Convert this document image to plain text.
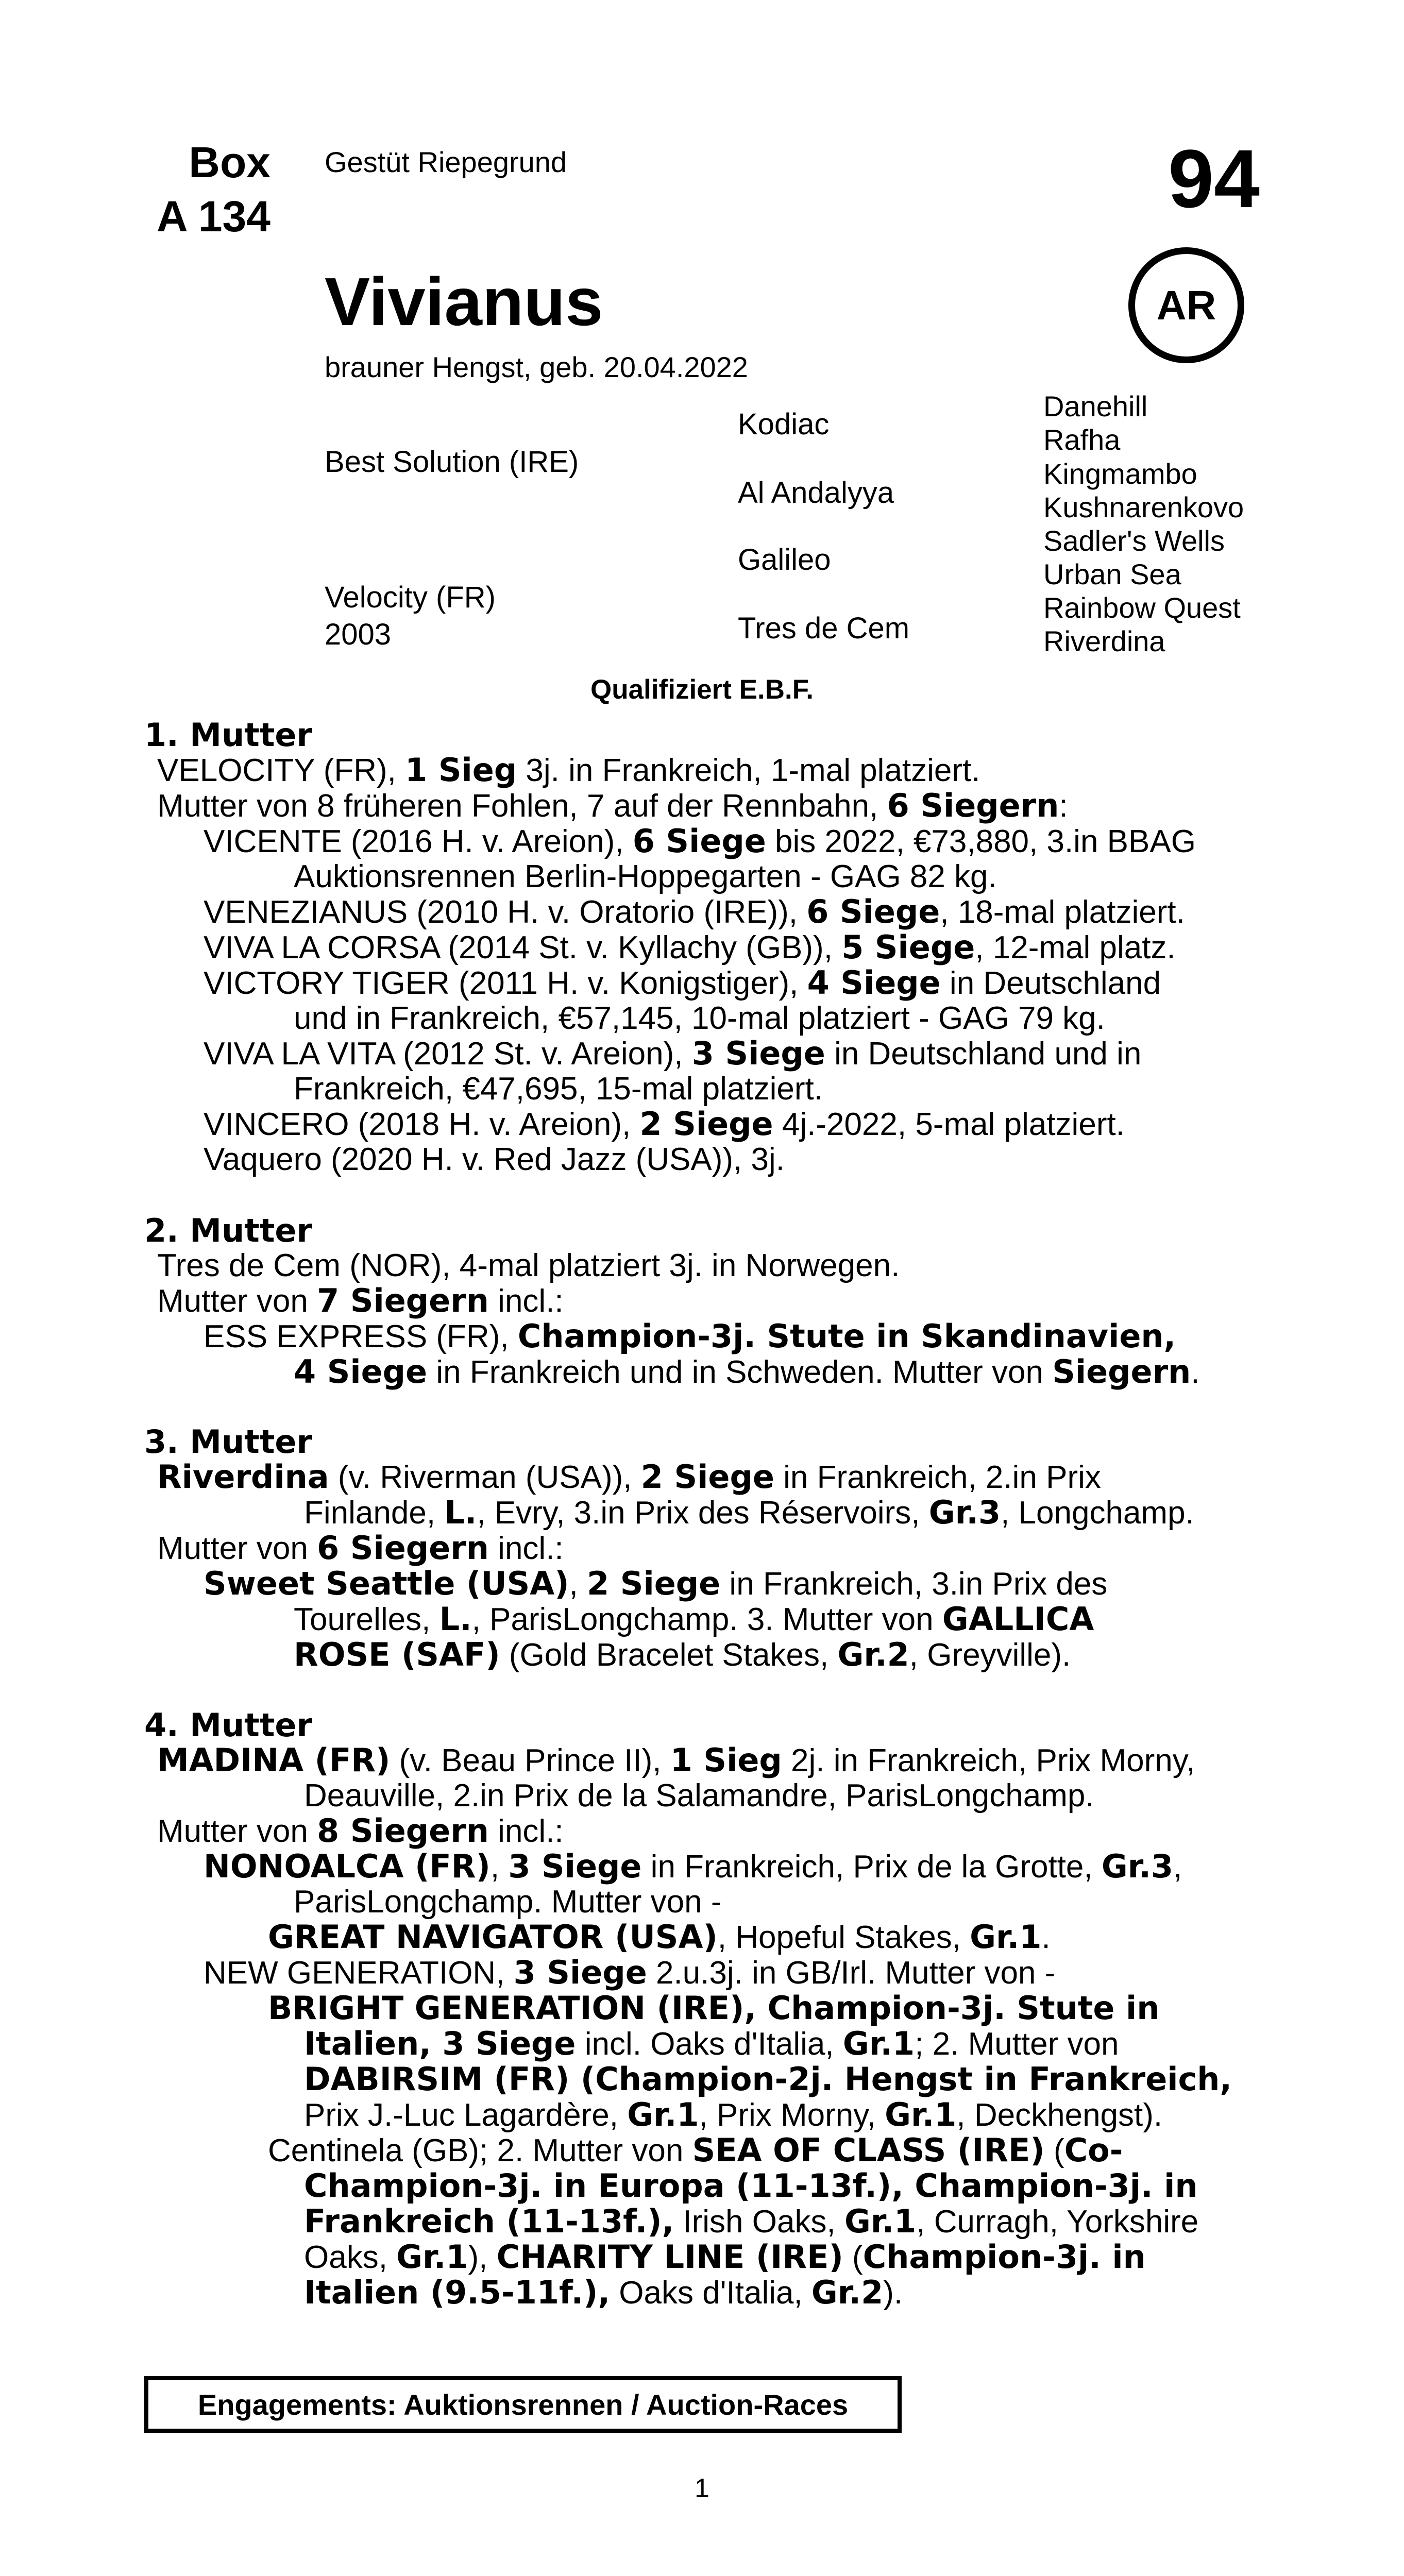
Box
A 134
Gestüt Riepegrund	94
AR
Vivianus
brauner Hengst, geb. 20.04.2022
Best Solution (IRE)
Velocity (FR)
2003
Kodiac
Al Andalyya
Galileo
Tres de Cem
Danehill
Rafha
Kingmambo
Kushnarenkovo
Sadler's Wells
Urban Sea
Rainbow Quest
Riverdina
Qualifiziert E.B.F.

1. Mutter

VELOCITY (FR), 1 Sieg 3j. in Frankreich, 1-mal platziert.

Mutter von 8 früheren Fohlen, 7 auf der Rennbahn, 6 Siegern:

VICENTE (2016 H. v. Areion), 6 Siege bis 2022, €73,880, 3.in BBAG

Auktionsrennen Berlin-Hoppegarten - GAG 82 kg.

VENEZIANUS (2010 H. v. Oratorio (IRE)), 6 Siege, 18-mal platziert.

VIVA LA CORSA (2014 St. v. Kyllachy (GB)), 5 Siege, 12-mal platz.

VICTORY TIGER (2011 H. v. Konigstiger), 4 Siege in Deutschland

und in Frankreich, €57,145, 10-mal platziert - GAG 79 kg.

VIVA LA VITA (2012 St. v. Areion), 3 Siege in Deutschland und in

Frankreich, €47,695, 15-mal platziert.

VINCERO (2018 H. v. Areion), 2 Siege 4j.-2022, 5-mal platziert.

Vaquero (2020 H. v. Red Jazz (USA)), 3j.

2. Mutter

Tres de Cem (NOR), 4-mal platziert 3j. in Norwegen.

Mutter von 7 Siegern incl.:

ESS EXPRESS (FR), Champion-3j. Stute in Skandinavien,

4 Siege in Frankreich und in Schweden. Mutter von Siegern.

3. Mutter

Riverdina (v. Riverman (USA)), 2 Siege in Frankreich, 2.in Prix

Finlande, L., Evry, 3.in Prix des Réservoirs, Gr.3, Longchamp.

Mutter von 6 Siegern incl.:

Sweet Seattle (USA), 2 Siege in Frankreich, 3.in Prix des

Tourelles, L., ParisLongchamp. 3. Mutter von GALLICA

ROSE (SAF) (Gold Bracelet Stakes, Gr.2, Greyville).

4. Mutter

MADINA (FR) (v. Beau Prince II), 1 Sieg 2j. in Frankreich, Prix Morny,

Deauville, 2.in Prix de la Salamandre, ParisLongchamp.

Mutter von 8 Siegern incl.:

NONOALCA (FR), 3 Siege in Frankreich, Prix de la Grotte, Gr.3,

ParisLongchamp. Mutter von -

GREAT NAVIGATOR (USA), Hopeful Stakes, Gr.1.

NEW GENERATION, 3 Siege 2.u.3j. in GB/Irl. Mutter von -

BRIGHT GENERATION (IRE), Champion-3j. Stute in

Italien, 3 Siege incl. Oaks d'Italia, Gr.1; 2. Mutter von

DABIRSIM (FR) (Champion-2j. Hengst in Frankreich,

Prix J.-Luc Lagardère, Gr.1, Prix Morny, Gr.1, Deckhengst).

Centinela (GB); 2. Mutter von SEA OF CLASS (IRE) (Co-

Champion-3j. in Europa (11-13f.), Champion-3j. in

Frankreich (11-13f.), Irish Oaks, Gr.1, Curragh, Yorkshire

Oaks, Gr.1), CHARITY LINE (IRE) (Champion-3j. in

Italien (9.5-11f.), Oaks d'Italia, Gr.2).

Engagements: Auktionsrennen / Auction-Races
1
